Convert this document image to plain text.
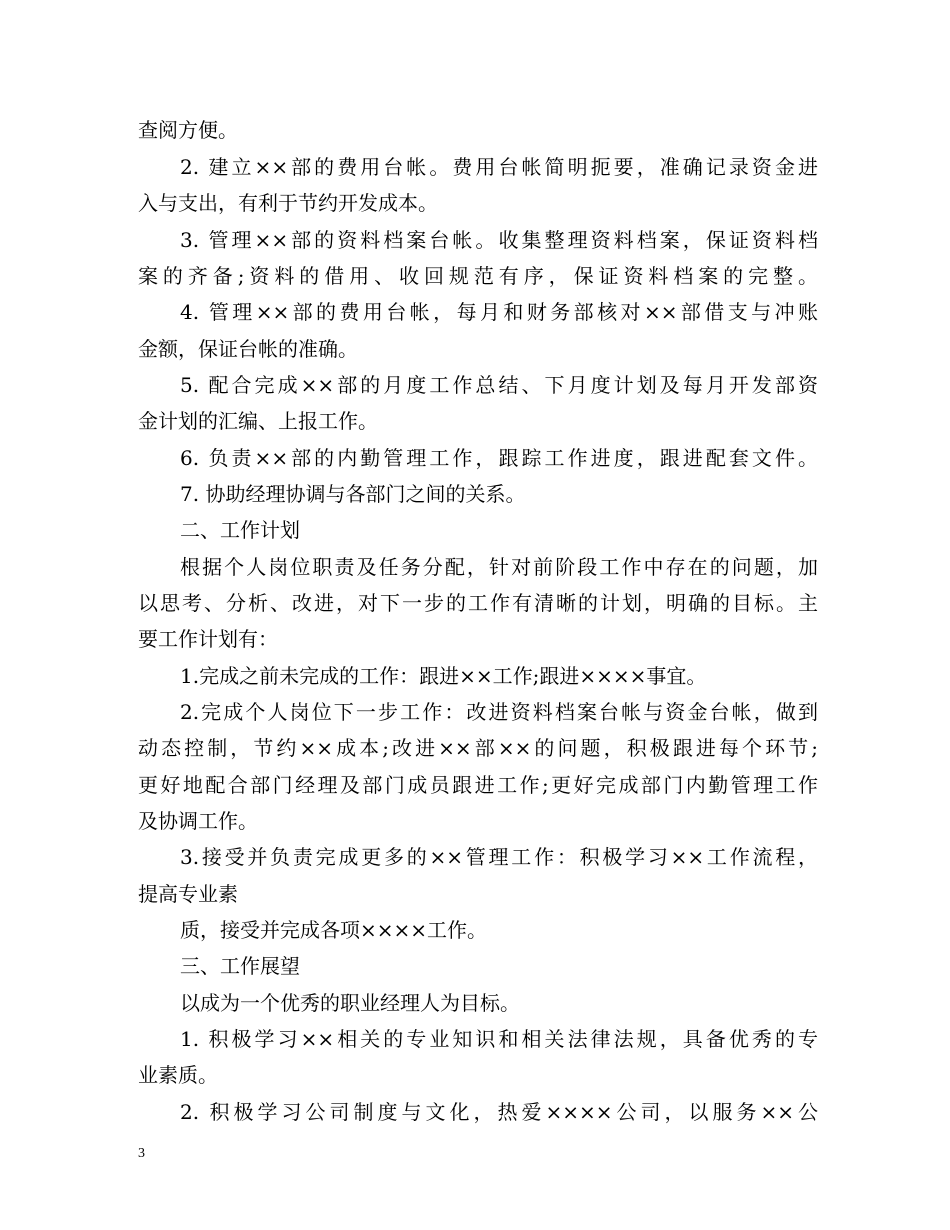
查阅方便。
2. 建立××部的费用台帐。费用台帐简明扼要，准确记录资金进
入与支出，有利于节约开发成本。
3. 管理××部的资料档案台帐。收集整理资料档案，保证资料档
案的齐备;资料的借用、收回规范有序，保证资料档案的完整。
4. 管理××部的费用台帐，每月和财务部核对××部借支与冲账
金额，保证台帐的准确。
5. 配合完成××部的月度工作总结、下月度计划及每月开发部资
金计划的汇编、上报工作。
6. 负责××部的内勤管理工作，跟踪工作进度，跟进配套文件。
7. 协助经理协调与各部门之间的关系。
二、工作计划
根据个人岗位职责及任务分配，针对前阶段工作中存在的问题，加
以思考、分析、改进，对下一步的工作有清晰的计划，明确的目标。主
要工作计划有：
1.完成之前未完成的工作：跟进××工作;跟进××××事宜。
2.完成个人岗位下一步工作：改进资料档案台帐与资金台帐，做到
动态控制，节约××成本;改进××部××的问题，积极跟进每个环节;
更好地配合部门经理及部门成员跟进工作;更好完成部门内勤管理工作
及协调工作。
3.接受并负责完成更多的××管理工作：积极学习××工作流程，
提高专业素
质，接受并完成各项××××工作。
三、工作展望
以成为一个优秀的职业经理人为目标。
1. 积极学习××相关的专业知识和相关法律法规，具备优秀的专
业素质。
2. 积极学习公司制度与文化，热爱××××公司，以服务××公
3
